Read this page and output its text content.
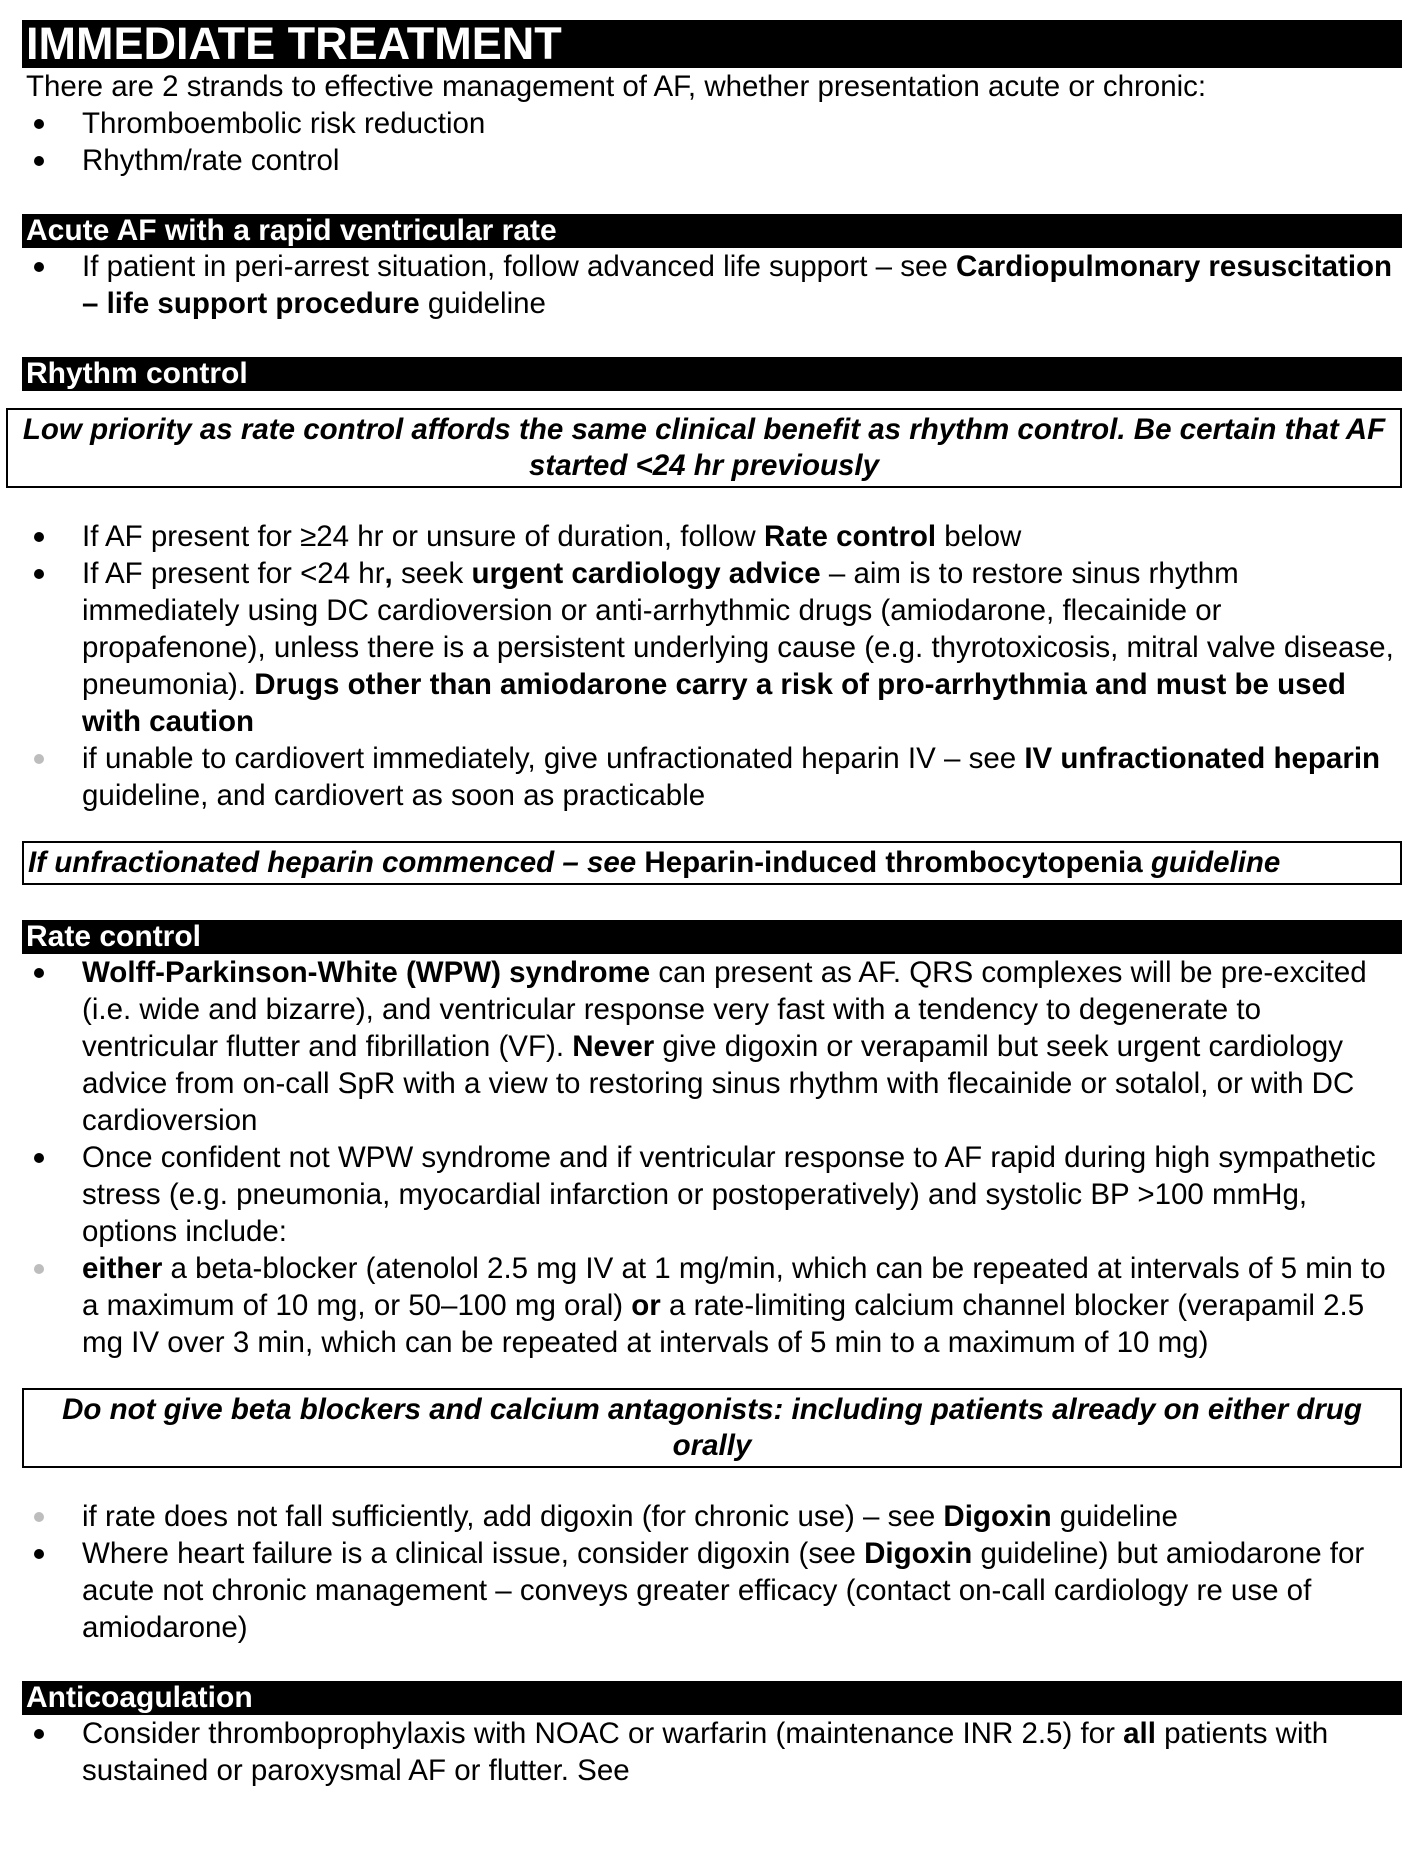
IMMEDIATE TREATMENT
There are 2 strands to effective management of AF, whether presentation acute or chronic:
Thromboembolic risk reduction
Rhythm/rate control
Acute AF with a rapid ventricular rate
If patient in peri-arrest situation, follow advanced life support – see Cardiopulmonary resuscitation – life support procedure guideline
Rhythm control
Low priority as rate control affords the same clinical benefit as rhythm control. Be certain that AF started <24 hr previously
If AF present for ≥24 hr or unsure of duration, follow Rate control below
If AF present for <24 hr, seek urgent cardiology advice – aim is to restore sinus rhythm immediately using DC cardioversion or anti-arrhythmic drugs (amiodarone, flecainide or propafenone), unless there is a persistent underlying cause (e.g. thyrotoxicosis, mitral valve disease, pneumonia). Drugs other than amiodarone carry a risk of pro-arrhythmia and must be used with caution
if unable to cardiovert immediately, give unfractionated heparin IV – see IV unfractionated heparin guideline, and cardiovert as soon as practicable
If unfractionated heparin commenced – see Heparin-induced thrombocytopenia guideline
Rate control
Wolff-Parkinson-White (WPW) syndrome can present as AF. QRS complexes will be pre-excited (i.e. wide and bizarre), and ventricular response very fast with a tendency to degenerate to ventricular flutter and fibrillation (VF). Never give digoxin or verapamil but seek urgent cardiology advice from on-call SpR with a view to restoring sinus rhythm with flecainide or sotalol, or with DC cardioversion
Once confident not WPW syndrome and if ventricular response to AF rapid during high sympathetic stress (e.g. pneumonia, myocardial infarction or postoperatively) and systolic BP >100 mmHg, options include:
either a beta-blocker (atenolol 2.5 mg IV at 1 mg/min, which can be repeated at intervals of 5 min to a maximum of 10 mg, or 50–100 mg oral) or a rate-limiting calcium channel blocker (verapamil 2.5 mg IV over 3 min, which can be repeated at intervals of 5 min to a maximum of 10 mg)
Do not give beta blockers and calcium antagonists: including patients already on either drug orally
if rate does not fall sufficiently, add digoxin (for chronic use) – see Digoxin guideline
Where heart failure is a clinical issue, consider digoxin (see Digoxin guideline) but amiodarone for acute not chronic management – conveys greater efficacy (contact on-call cardiology re use of amiodarone)
Anticoagulation
Consider thromboprophylaxis with NOAC or warfarin (maintenance INR 2.5) for all patients with sustained or paroxysmal AF or flutter. See
